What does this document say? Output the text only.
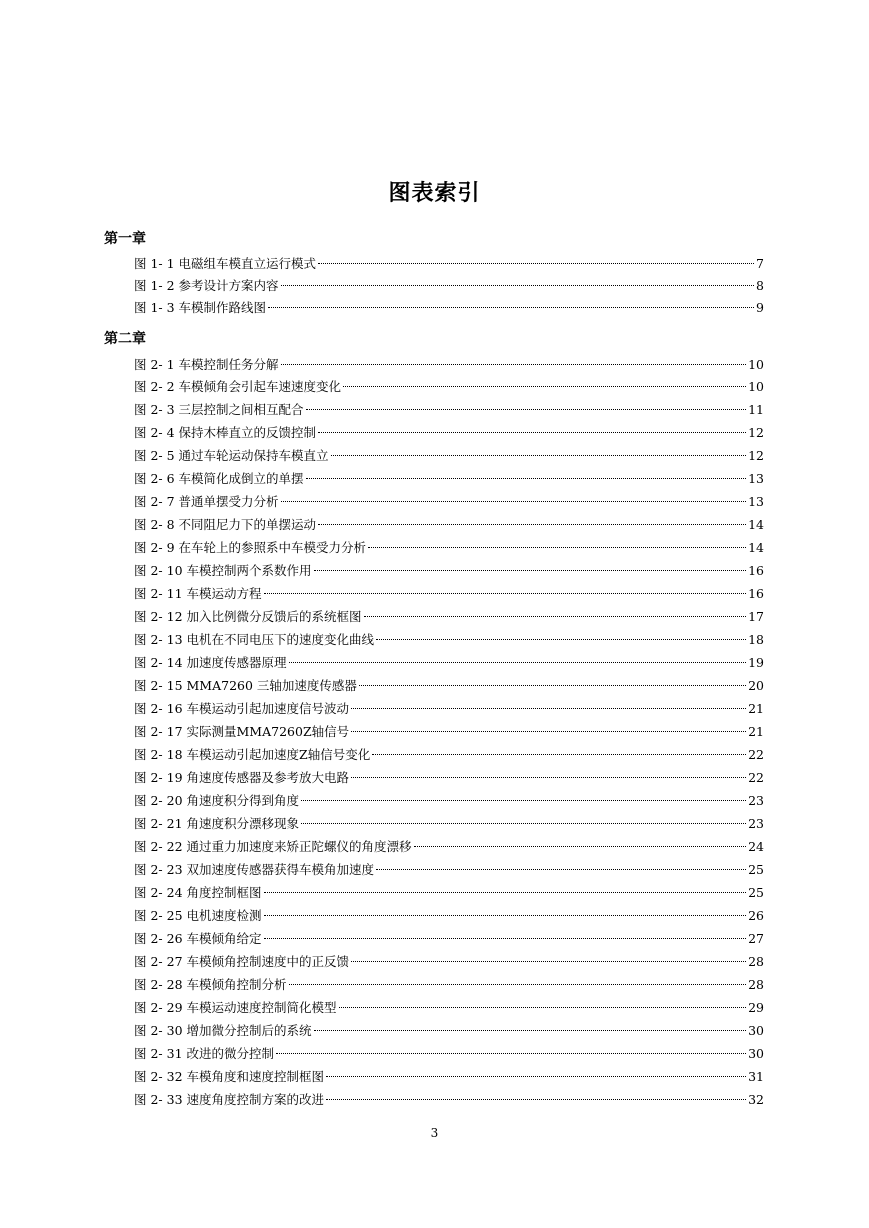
图表索引
第一章
图 1- 1 电磁组车模直立运行模式	7
图 1- 2 参考设计方案内容	8
图 1- 3 车模制作路线图	9
第二章
图 2- 1 车模控制任务分解	10
图 2- 2 车模倾角会引起车速速度变化	10
图 2- 3 三层控制之间相互配合	11
图 2- 4 保持木棒直立的反馈控制	12
图 2- 5 通过车轮运动保持车模直立	12
图 2- 6 车模简化成倒立的单摆	13
图 2- 7 普通单摆受力分析	13
图 2- 8 不同阻尼力下的单摆运动	14
图 2- 9 在车轮上的参照系中车模受力分析	14
图 2- 10 车模控制两个系数作用	16
图 2- 11 车模运动方程	16
图 2- 12 加入比例微分反馈后的系统框图	17
图 2- 13 电机在不同电压下的速度变化曲线	18
图 2- 14 加速度传感器原理	19
图 2- 15 MMA7260 三轴加速度传感器	20
图 2- 16 车模运动引起加速度信号波动	21
图 2- 17 实际测量MMA7260Z轴信号	21
图 2- 18 车模运动引起加速度Z轴信号变化	22
图 2- 19 角速度传感器及参考放大电路	22
图 2- 20 角速度积分得到角度	23
图 2- 21 角速度积分漂移现象	23
图 2- 22 通过重力加速度来矫正陀螺仪的角度漂移	24
图 2- 23 双加速度传感器获得车模角加速度	25
图 2- 24 角度控制框图	25
图 2- 25 电机速度检测	26
图 2- 26 车模倾角给定	27
图 2- 27 车模倾角控制速度中的正反馈	28
图 2- 28 车模倾角控制分析	28
图 2- 29 车模运动速度控制简化模型	29
图 2- 30 增加微分控制后的系统	30
图 2- 31 改进的微分控制	30
图 2- 32 车模角度和速度控制框图	31
图 2- 33 速度角度控制方案的改进	32
3
